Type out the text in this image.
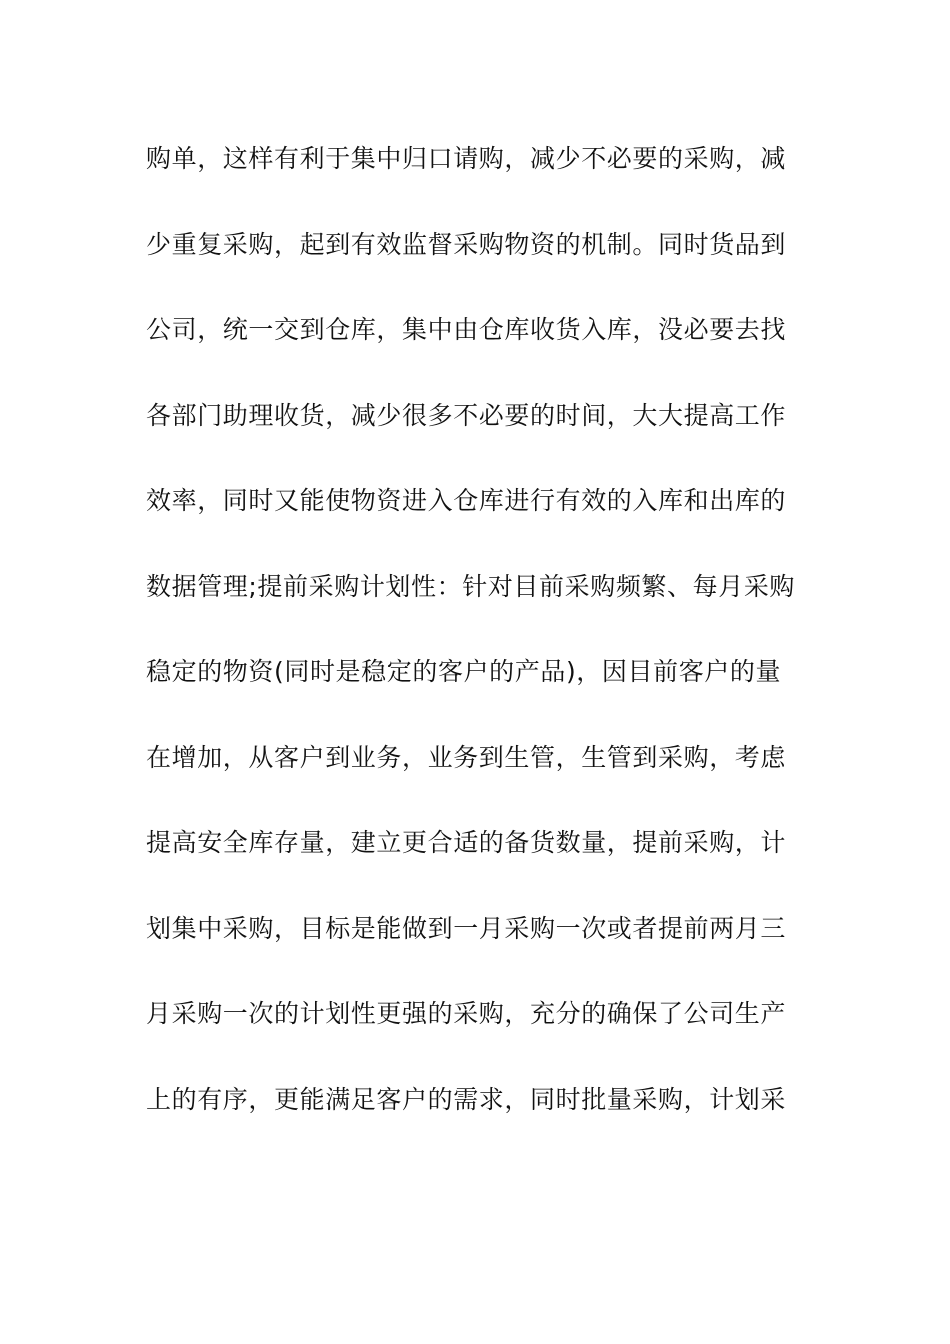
购单，这样有利于集中归口请购，减少不必要的采购，减
少重复采购，起到有效监督采购物资的机制。同时货品到
公司，统一交到仓库，集中由仓库收货入库，没必要去找
各部门助理收货，减少很多不必要的时间，大大提高工作
效率，同时又能使物资进入仓库进行有效的入库和出库的
数据管理;提前采购计划性：针对目前采购频繁、每月采购
稳定的物资(同时是稳定的客户的产品)，因目前客户的量
在增加，从客户到业务，业务到生管，生管到采购，考虑
提高安全库存量，建立更合适的备货数量，提前采购，计
划集中采购，目标是能做到一月采购一次或者提前两月三
月采购一次的计划性更强的采购，充分的确保了公司生产
上的有序，更能满足客户的需求，同时批量采购，计划采
